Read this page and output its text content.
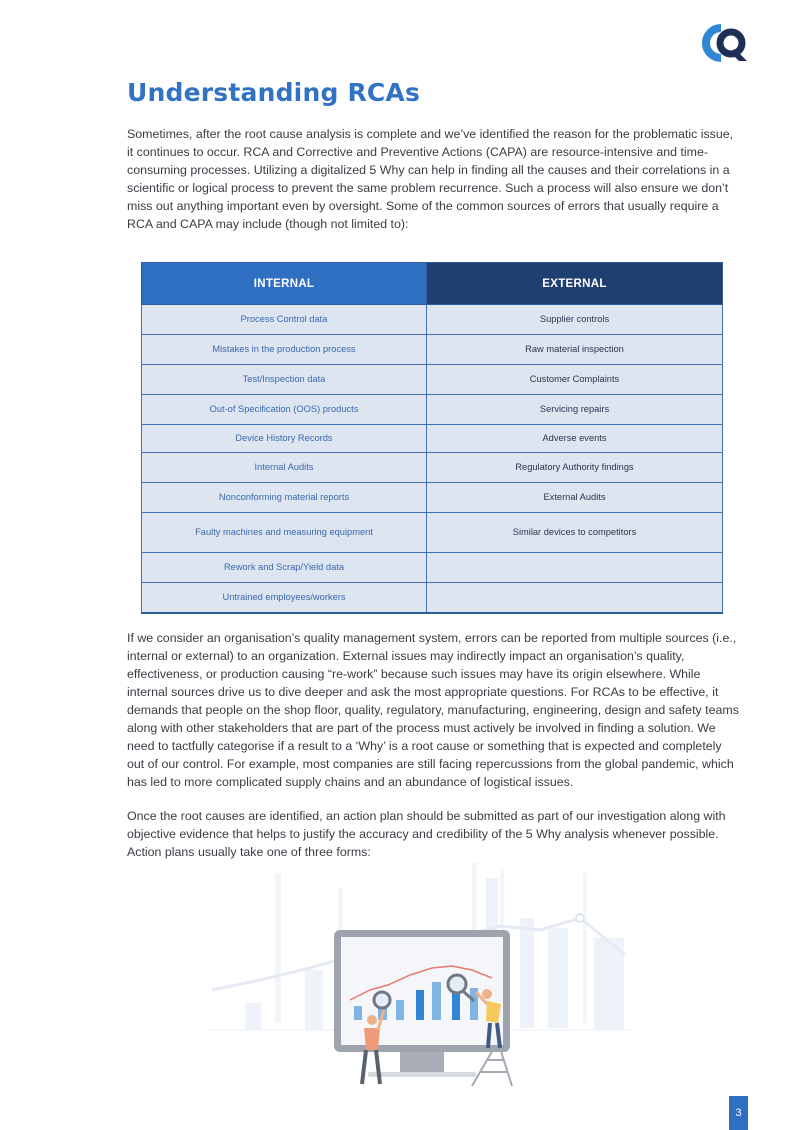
Understanding RCAs

Sometimes, after the root cause analysis is complete and we’ve identified the reason for the problematic issue, it continues to occur. RCA and Corrective and Preventive Actions (CAPA) are resource-intensive and time-consuming processes. Utilizing a digitalized 5 Why can help in finding all the causes and their correlations in a scientific or logical process to prevent the same problem recurrence. Such a process will also ensure we don’t miss out anything important even by oversight. Some of the common sources of errors that usually require a RCA and CAPA may include (though not limited to):

INTERNAL	EXTERNAL
Process Control data	Supplier controls
Mistakes in the production process	Raw material inspection
Test/Inspection data	Customer Complaints
Out-of Specification (OOS) products	Servicing repairs
Device History Records	Adverse events
Internal Audits	Regulatory Authority findings
Nonconforming material reports	External Audits
Faulty machines and measuring equipment	Similar devices to competitors
Rework and Scrap/Yield data	
Untrained employees/workers	

If we consider an organisation’s quality management system, errors can be reported from multiple sources (i.e., internal or external) to an organization. External issues may indirectly impact an organisation’s quality, effectiveness, or production causing “re-work” because such issues may have its origin elsewhere. While internal sources drive us to dive deeper and ask the most appropriate questions. For RCAs to be effective, it demands that people on the shop floor, quality, regulatory, manufacturing, engineering, design and safety teams along with other stakeholders that are part of the process must actively be involved in finding a solution. We need to tactfully categorise if a result to a ‘Why’ is a root cause or something that is expected and completely out of our control. For example, most companies are still facing repercussions from the global pandemic, which has led to more complicated supply chains and an abundance of logistical issues.

Once the root causes are identified, an action plan should be submitted as part of our investigation along with objective evidence that helps to justify the accuracy and credibility of the 5 Why analysis whenever possible. Action plans usually take one of three forms:

3
